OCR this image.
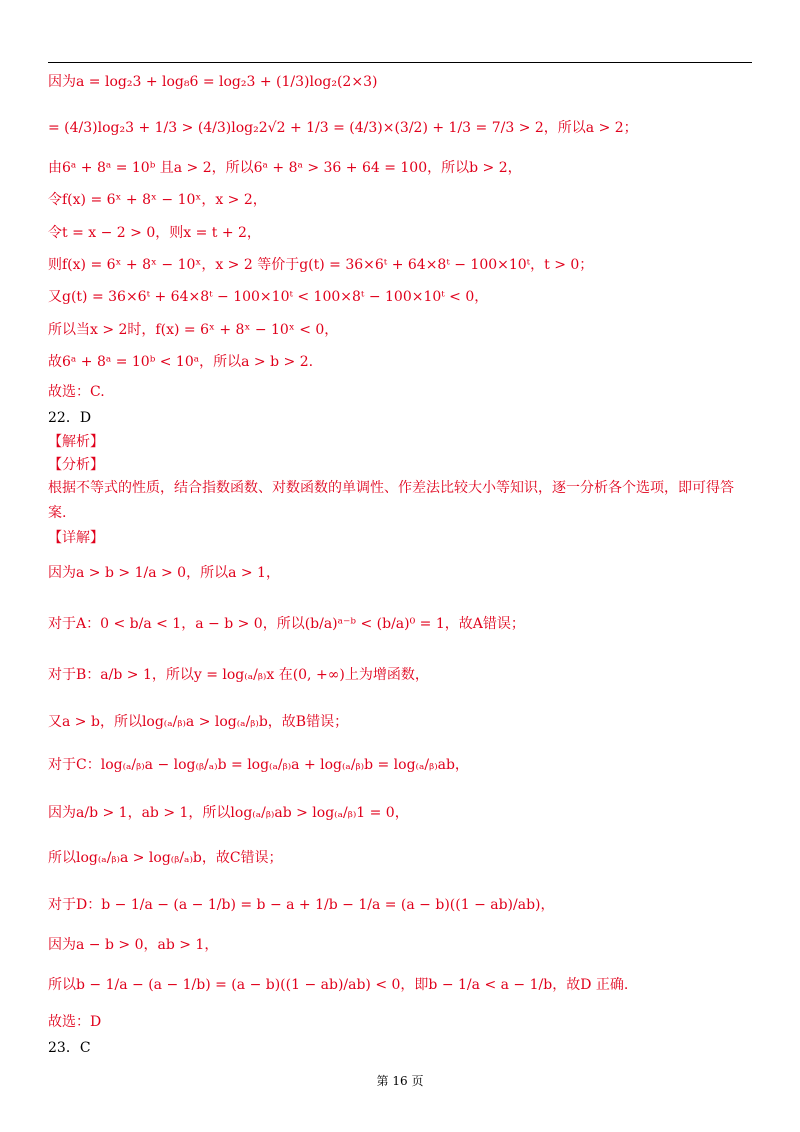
因为a = log₂3 + log₈6 = log₂3 + (1/3)log₂(2×3)
= (4/3)log₂3 + 1/3 > (4/3)log₂2√2 + 1/3 = (4/3)×(3/2) + 1/3 = 7/3 > 2，所以a > 2；
由6ᵃ + 8ᵃ = 10ᵇ 且a > 2，所以6ᵃ + 8ᵃ > 36 + 64 = 100，所以b > 2，
令f(x) = 6ˣ + 8ˣ − 10ˣ，x > 2，
令t = x − 2 > 0，则x = t + 2，
则f(x) = 6ˣ + 8ˣ − 10ˣ，x > 2 等价于g(t) = 36×6ᵗ + 64×8ᵗ − 100×10ᵗ，t > 0；
又g(t) = 36×6ᵗ + 64×8ᵗ − 100×10ᵗ < 100×8ᵗ − 100×10ᵗ < 0，
所以当x > 2时，f(x) = 6ˣ + 8ˣ − 10ˣ < 0，
故6ᵃ + 8ᵃ = 10ᵇ < 10ᵃ，所以a > b > 2.
故选：C.
22．D
【解析】
【分析】
根据不等式的性质，结合指数函数、对数函数的单调性、作差法比较大小等知识，逐一分析各个选项，即可得答
案.
【详解】
因为a > b > 1/a > 0，所以a > 1，
对于A：0 < b/a < 1，a − b > 0，所以(b/a)ᵃ⁻ᵇ < (b/a)⁰ = 1，故A错误；
对于B：a/b > 1，所以y = log₍ₐ/ᵦ₎x 在(0, +∞)上为增函数，
又a > b，所以log₍ₐ/ᵦ₎a > log₍ₐ/ᵦ₎b，故B错误；
对于C：log₍ₐ/ᵦ₎a − log₍ᵦ/ₐ₎b = log₍ₐ/ᵦ₎a + log₍ₐ/ᵦ₎b = log₍ₐ/ᵦ₎ab，
因为a/b > 1，ab > 1，所以log₍ₐ/ᵦ₎ab > log₍ₐ/ᵦ₎1 = 0，
所以log₍ₐ/ᵦ₎a > log₍ᵦ/ₐ₎b，故C错误；
对于D：b − 1/a − (a − 1/b) = b − a + 1/b − 1/a = (a − b)((1 − ab)/ab)，
因为a − b > 0，ab > 1，
所以b − 1/a − (a − 1/b) = (a − b)((1 − ab)/ab) < 0，即b − 1/a < a − 1/b，故D 正确.
故选：D
23．C
第 16 页
